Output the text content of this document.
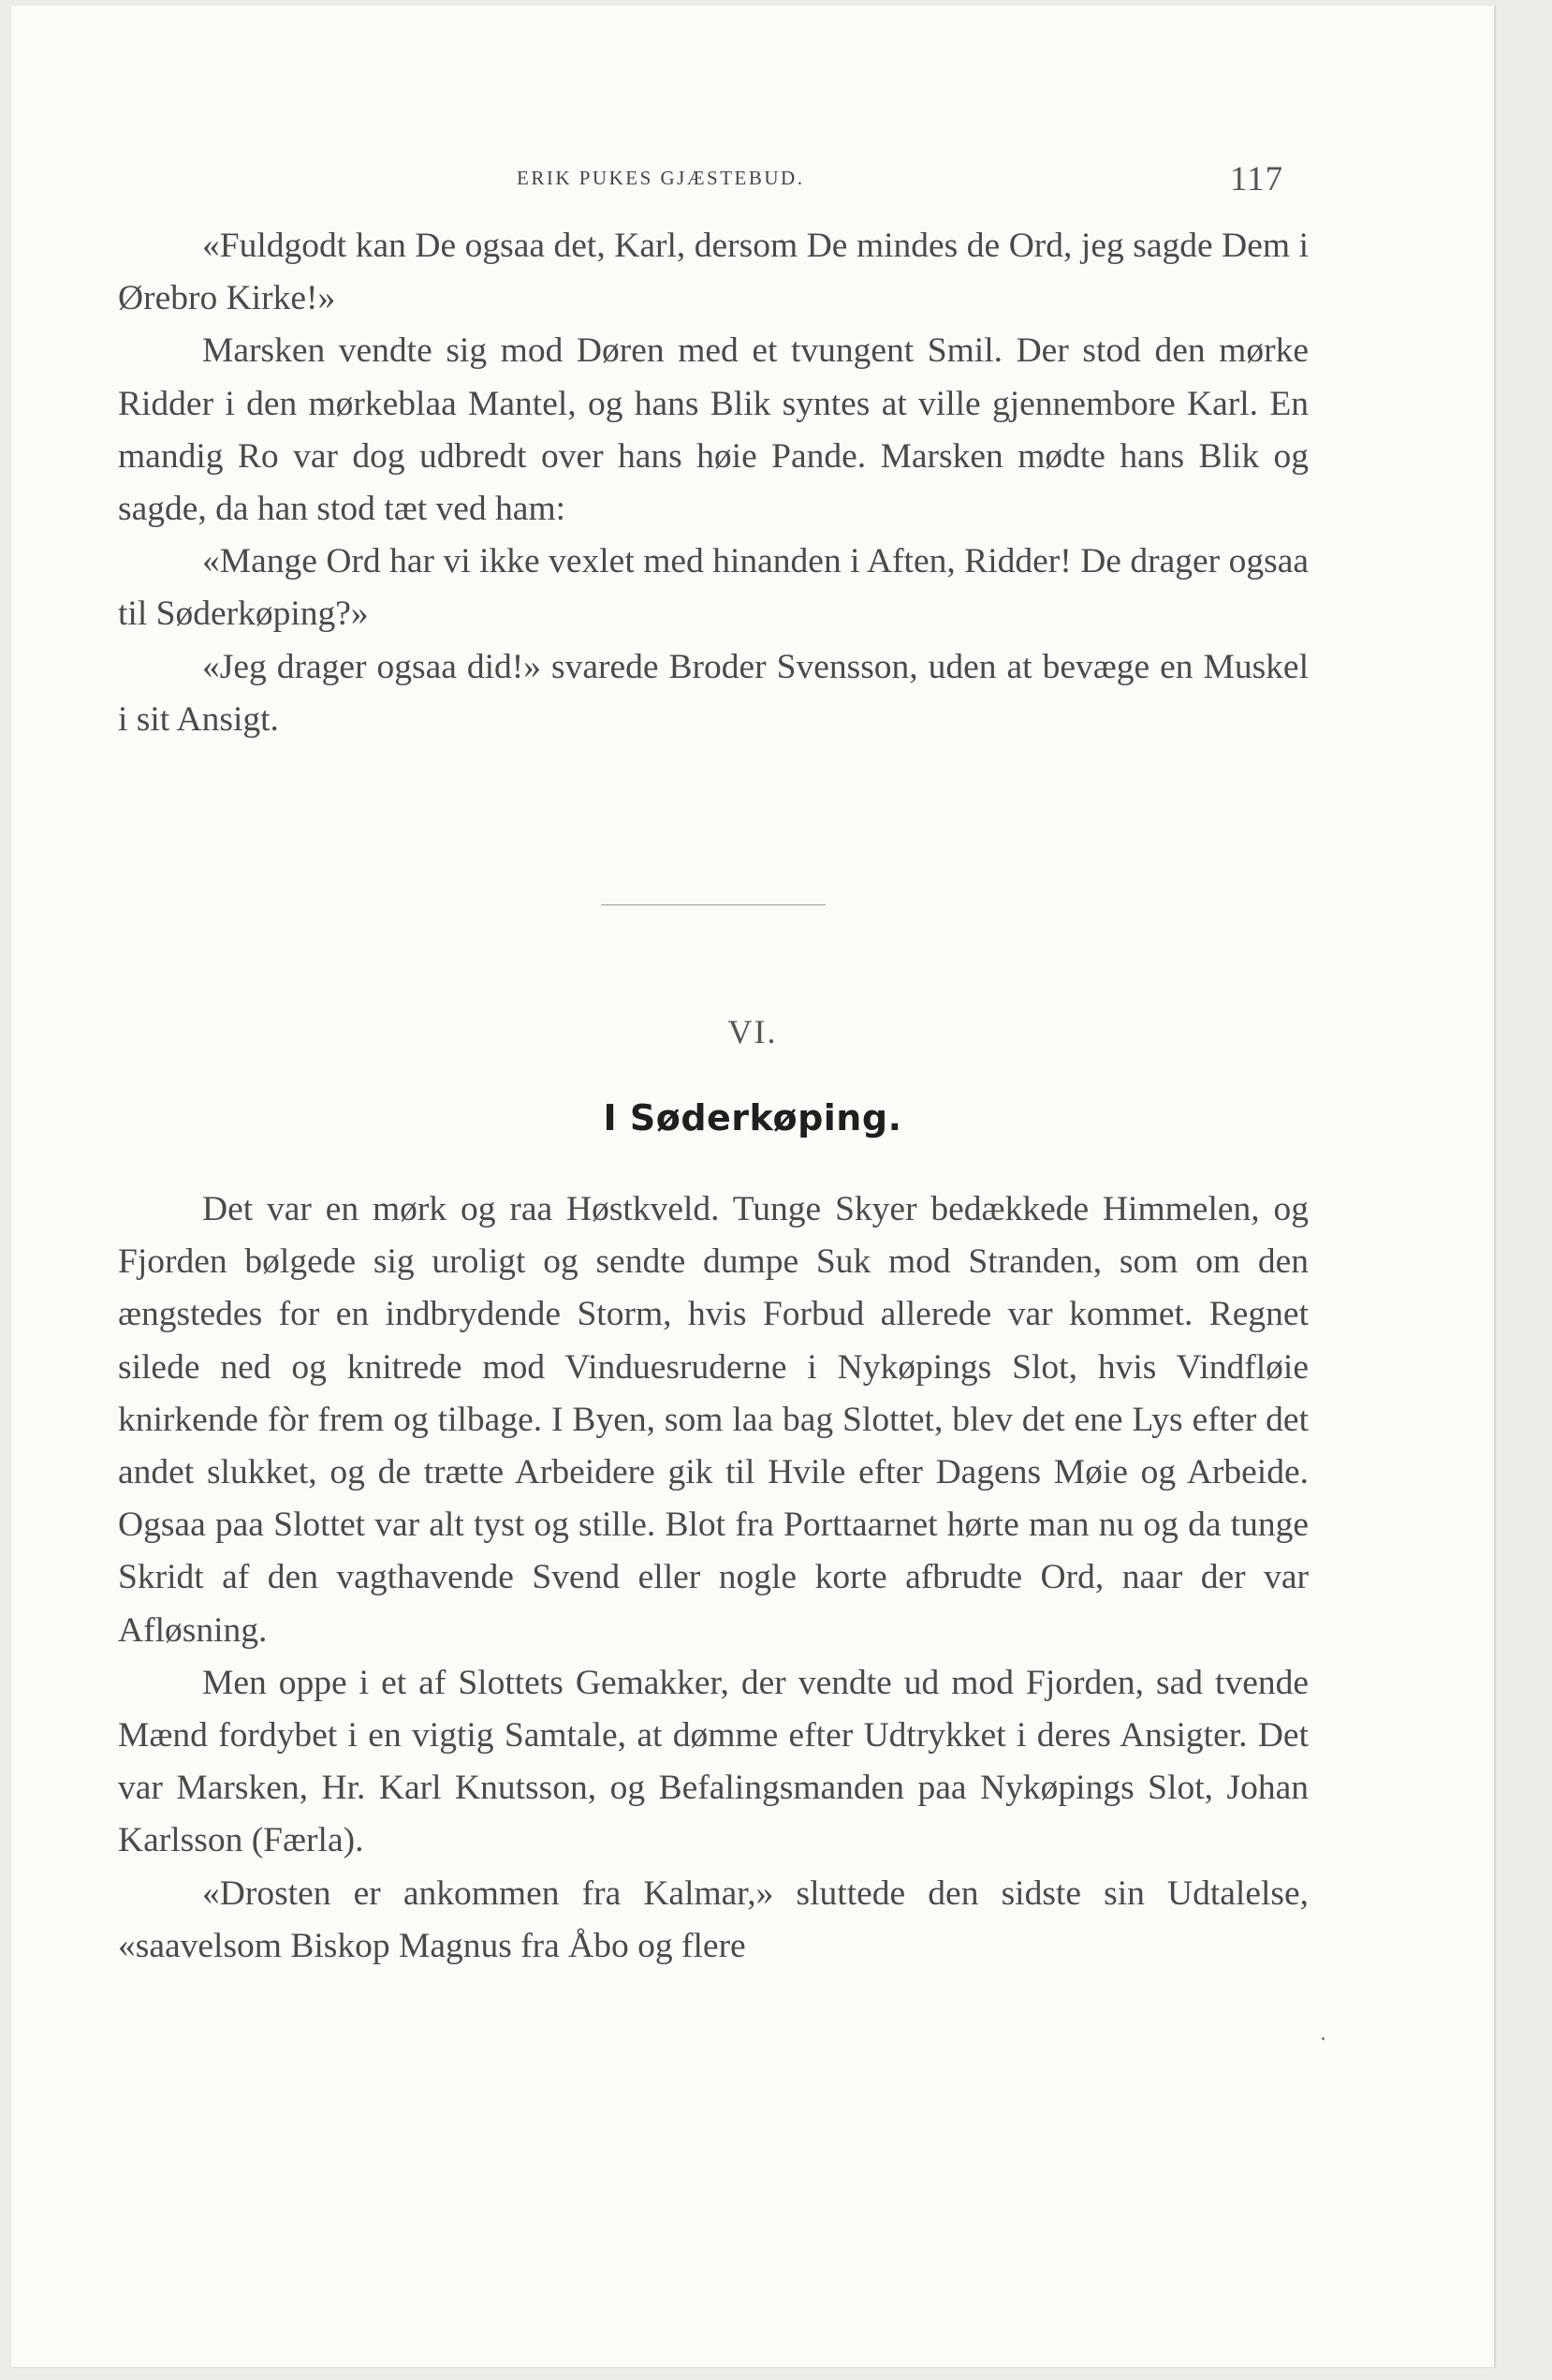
ERIK PUKES GJÆSTEBUD.	117

«Fuldgodt kan De ogsaa det, Karl, dersom De mindes de Ord, jeg sagde Dem i Ørebro Kirke!»

Marsken vendte sig mod Døren med et tvungent Smil. Der stod den mørke Ridder i den mørkeblaa Mantel, og hans Blik syntes at ville gjennembore Karl. En mandig Ro var dog udbredt over hans høie Pande. Marsken mødte hans Blik og sagde, da han stod tæt ved ham:

«Mange Ord har vi ikke vexlet med hinanden i Aften, Ridder! De drager ogsaa til Søderkøping?»

«Jeg drager ogsaa did!» svarede Broder Svensson, uden at bevæge en Muskel i sit Ansigt.

VI.
I Søderkøping.

Det var en mørk og raa Høstkveld. Tunge Skyer bedækkede Himmelen, og Fjorden bølgede sig uroligt og sendte dumpe Suk mod Stranden, som om den ængstedes for en indbrydende Storm, hvis Forbud allerede var kommet. Regnet silede ned og knitrede mod Vinduesruderne i Nykøpings Slot, hvis Vindfløie knirkende fòr frem og tilbage. I Byen, som laa bag Slottet, blev det ene Lys efter det andet slukket, og de trætte Arbeidere gik til Hvile efter Dagens Møie og Arbeide. Ogsaa paa Slottet var alt tyst og stille. Blot fra Porttaarnet hørte man nu og da tunge Skridt af den vagthavende Svend eller nogle korte afbrudte Ord, naar der var Afløsning.

Men oppe i et af Slottets Gemakker, der vendte ud mod Fjorden, sad tvende Mænd fordybet i en vigtig Samtale, at dømme efter Udtrykket i deres Ansigter. Det var Marsken, Hr. Karl Knutsson, og Befalingsmanden paa Nykøpings Slot, Johan Karlsson (Færla).

«Drosten er ankommen fra Kalmar,» sluttede den sidste sin Udtalelse, «saavelsom Biskop Magnus fra Åbo og flere
